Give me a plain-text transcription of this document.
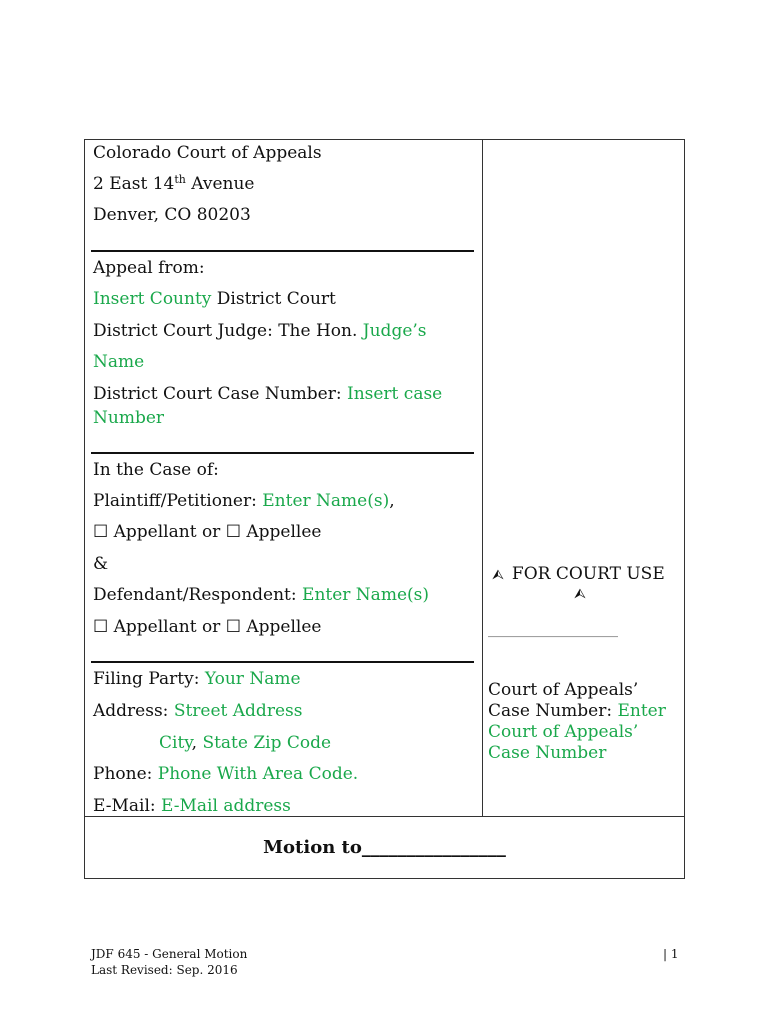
Colorado Court of Appeals
2 East 14th Avenue
Denver, CO 80203
Appeal from:
Insert County District Court
District Court Judge: The Hon. Judge’s
Name
District Court Case Number: Insert case
Number
In the Case of:
Plaintiff/Petitioner: Enter Name(s),
☐ Appellant or ☐ Appellee
&
Defendant/Respondent: Enter Name(s)
☐ Appellant or ☐ Appellee
Filing Party: Your Name
Address: Street Address
City, State Zip Code
Phone: Phone With Area Code.
E-Mail: E-Mail address
⮙ FOR COURT USE
⮙
____________________
Court of Appeals’
Case Number: Enter
Court of Appeals’
Case Number
Motion to________________
JDF 645 - General Motion
Last Revised: Sep. 2016
| 1
